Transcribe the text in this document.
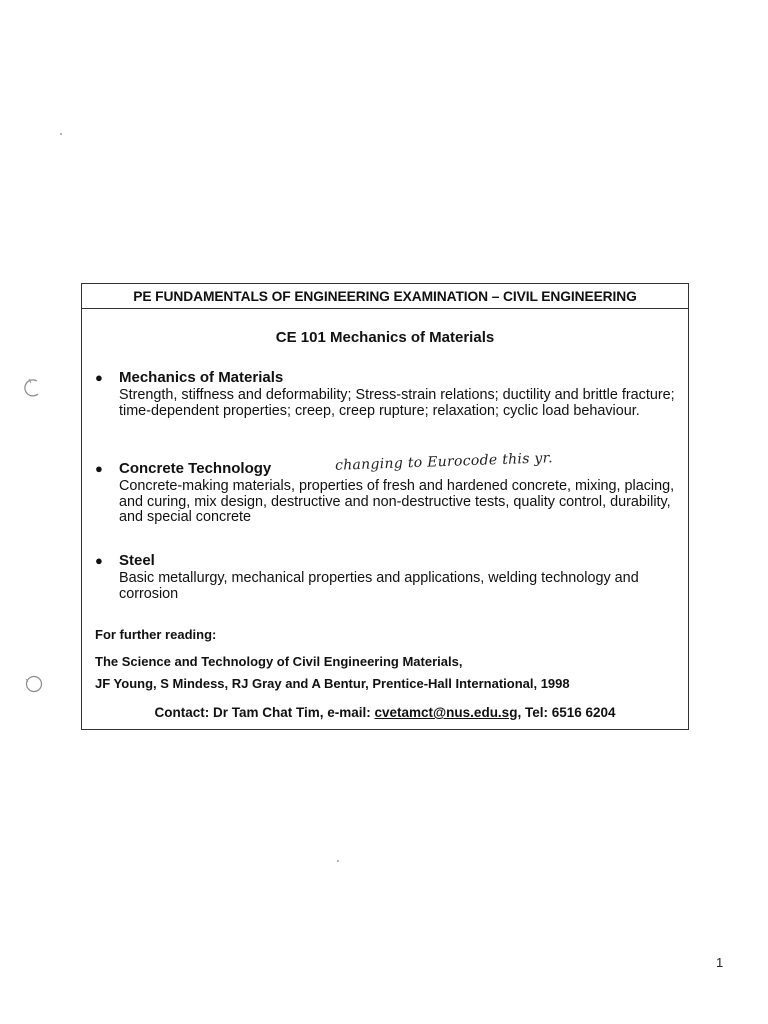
PE FUNDAMENTALS OF ENGINEERING EXAMINATION – CIVIL ENGINEERING
CE 101 Mechanics of Materials
● Mechanics of Materials
Strength, stiffness and deformability; Stress-strain relations; ductility and brittle fracture; time-dependent properties; creep, creep rupture; relaxation; cyclic load behaviour.
● Concrete Technology	changing to Eurocode this yr.
Concrete-making materials, properties of fresh and hardened concrete, mixing, placing, and curing, mix design, destructive and non-destructive tests, quality control, durability, and special concrete
● Steel
Basic metallurgy, mechanical properties and applications, welding technology and corrosion
For further reading:
The Science and Technology of Civil Engineering Materials,
JF Young, S Mindess, RJ Gray and A Bentur, Prentice-Hall International, 1998
Contact: Dr Tam Chat Tim, e-mail: cvetamct@nus.edu.sg, Tel: 6516 6204
1
